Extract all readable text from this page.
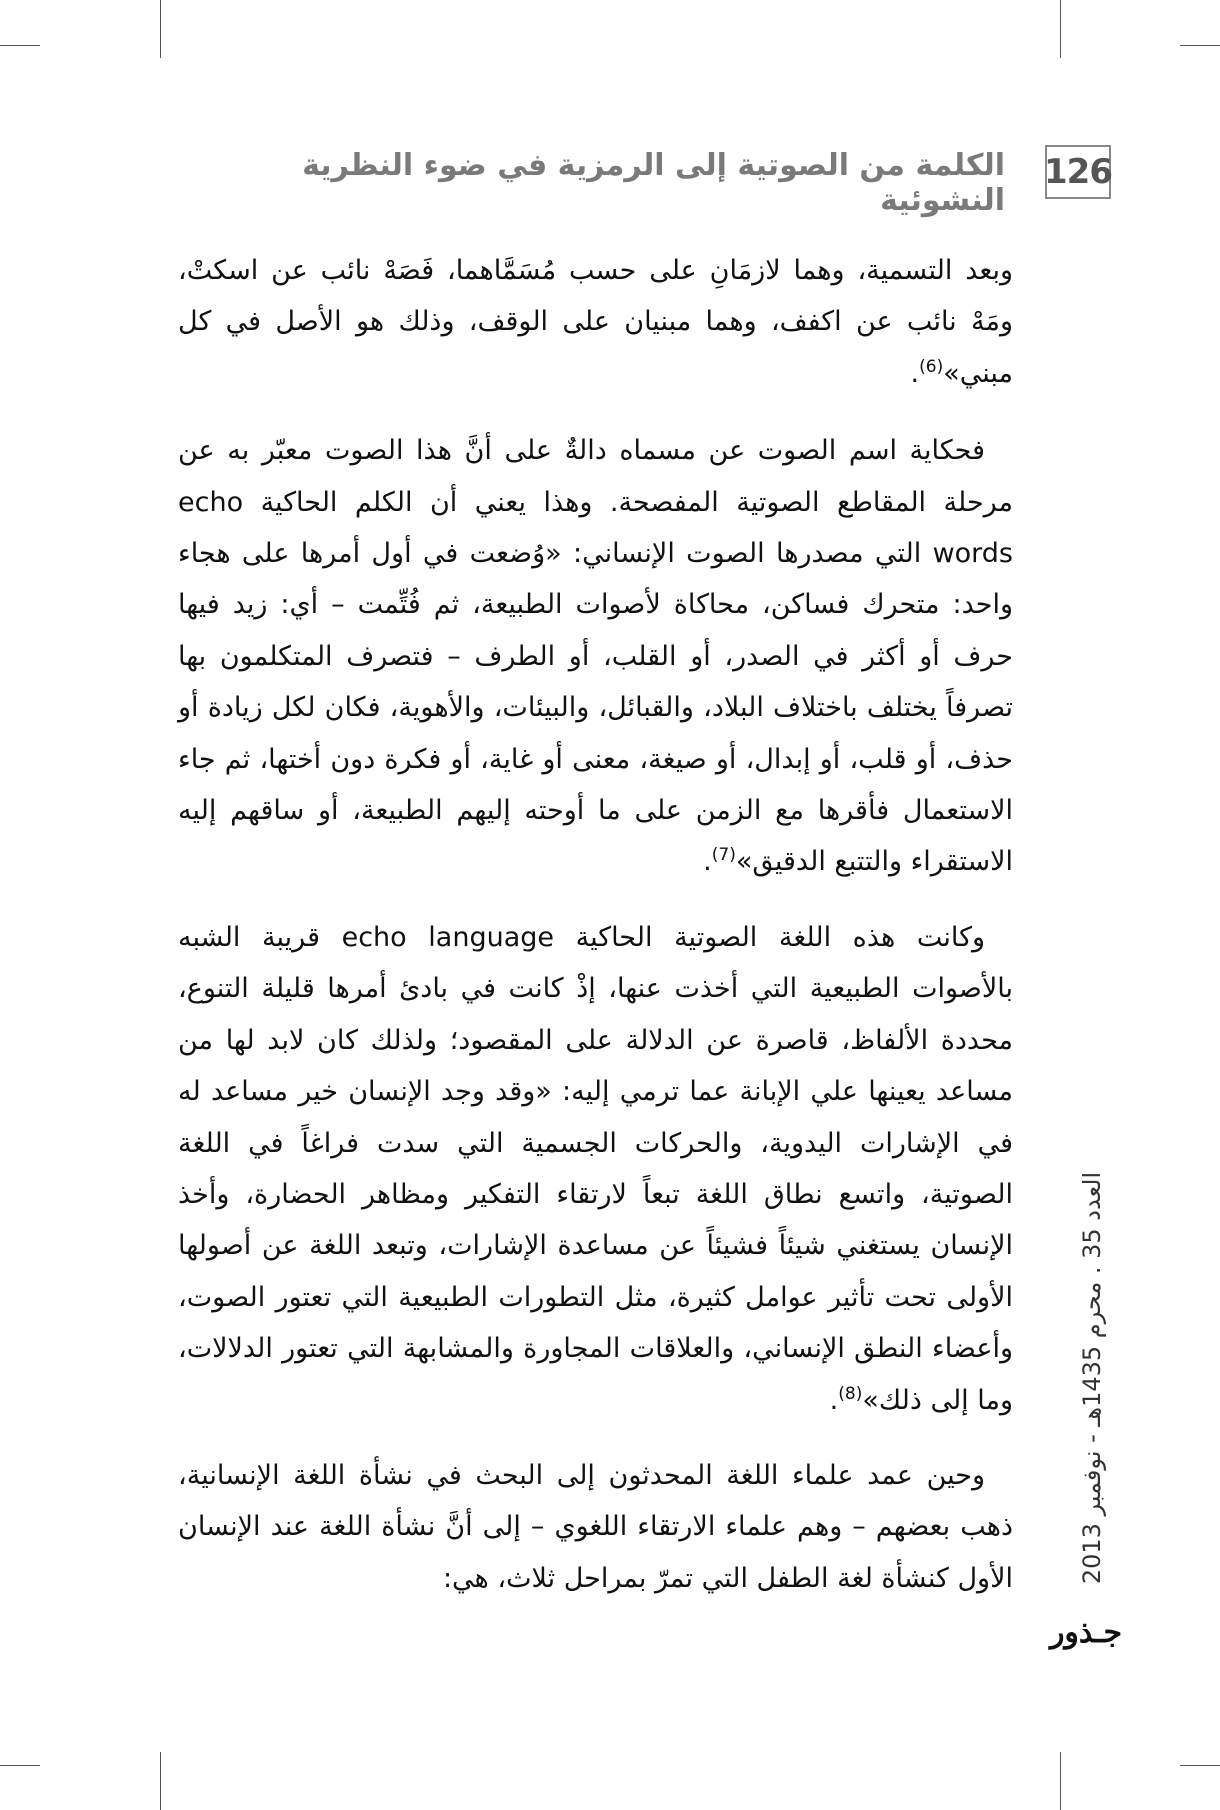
126
الكلمة من الصوتية إلى الرمزية في ضوء النظرية النشوئية

وبعد التسمية، وهما لازمَانِ على حسب مُسَمَّاهما، فَصَهْ نائب عن اسكتْ، ومَهْ نائب عن اكفف، وهما مبنيان على الوقف، وذلك هو الأصل في كل مبني»$^{(6)}$.

فحكاية اسم الصوت عن مسماه دالةٌ على أنَّ هذا الصوت معبّر به عن مرحلة المقاطع الصوتية المفصحة. وهذا يعني أن الكلم الحاكية echo words التي مصدرها الصوت الإنساني: «وُضعت في أول أمرها على هجاء واحد: متحرك فساكن، محاكاة لأصوات الطبيعة، ثم فُتِّمت – أي: زيد فيها حرف أو أكثر في الصدر، أو القلب، أو الطرف – فتصرف المتكلمون بها تصرفاً يختلف باختلاف البلاد، والقبائل، والبيئات، والأهوية، فكان لكل زيادة أو حذف، أو قلب، أو إبدال، أو صيغة، معنى أو غاية، أو فكرة دون أختها، ثم جاء الاستعمال فأقرها مع الزمن على ما أوحته إليهم الطبيعة، أو ساقهم إليه الاستقراء والتتبع الدقيق»$^{(7)}$.

وكانت هذه اللغة الصوتية الحاكية echo language قريبة الشبه بالأصوات الطبيعية التي أخذت عنها، إذْ كانت في بادئ أمرها قليلة التنوع، محددة الألفاظ، قاصرة عن الدلالة على المقصود؛ ولذلك كان لابد لها من مساعد يعينها علي الإبانة عما ترمي إليه: «وقد وجد الإنسان خير مساعد له في الإشارات اليدوية، والحركات الجسمية التي سدت فراغاً في اللغة الصوتية، واتسع نطاق اللغة تبعاً لارتقاء التفكير ومظاهر الحضارة، وأخذ الإنسان يستغني شيئاً فشيئاً عن مساعدة الإشارات، وتبعد اللغة عن أصولها الأولى تحت تأثير عوامل كثيرة، مثل التطورات الطبيعية التي تعتور الصوت، وأعضاء النطق الإنساني، والعلاقات المجاورة والمشابهة التي تعتور الدلالات، وما إلى ذلك»$^{(8)}$.

وحين عمد علماء اللغة المحدثون إلى البحث في نشأة اللغة الإنسانية، ذهب بعضهم – وهم علماء الارتقاء اللغوي – إلى أنَّ نشأة اللغة عند الإنسان الأول كنشأة لغة الطفل التي تمرّ بمراحل ثلاث، هي:	العدد 35 . محرم 1435هـ - نوفمبر 2013
جـذور
